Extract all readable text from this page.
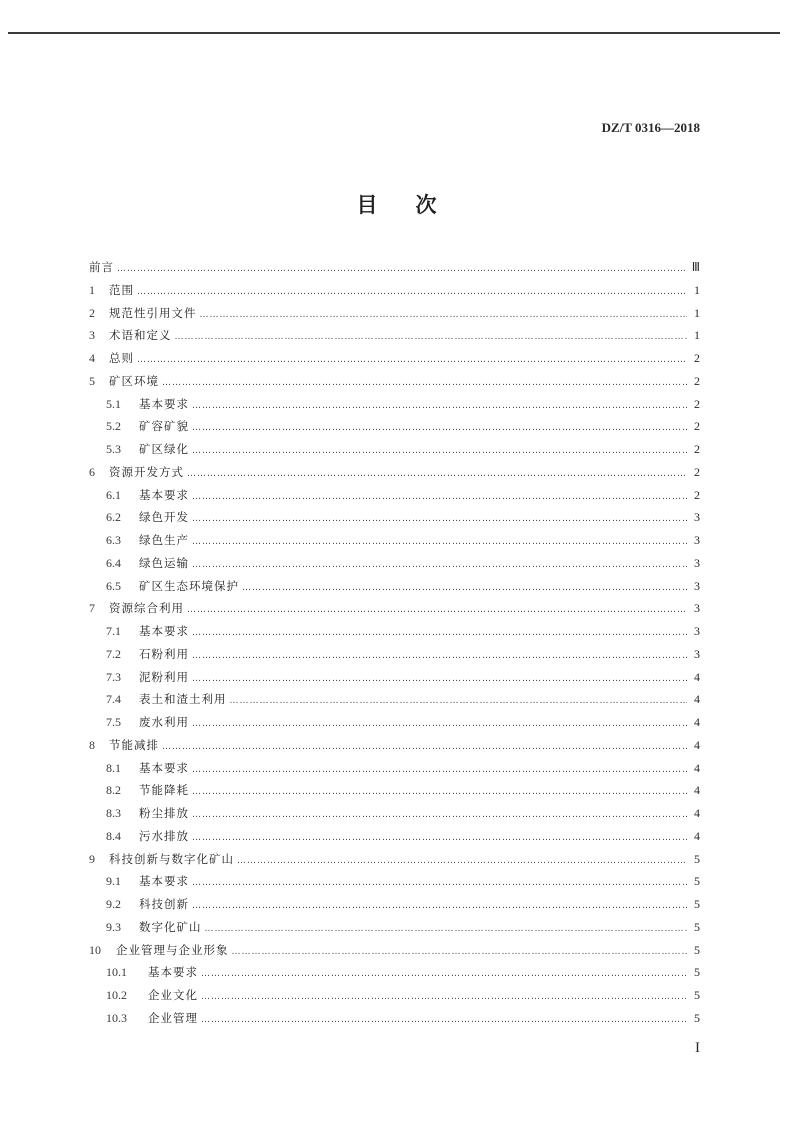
DZ/T 0316—2018
目次
前言 …………………………………………………………………………………………………………………………………………………………………………………………………………	Ⅲ
1	范围 …………………………………………………………………………………………………………………………………………………………………………………………………………	1
2	规范性引用文件 …………………………………………………………………………………………………………………………………………………………………………………………………………	1
3	术语和定义 …………………………………………………………………………………………………………………………………………………………………………………………………………	1
4	总则 …………………………………………………………………………………………………………………………………………………………………………………………………………	2
5	矿区环境 …………………………………………………………………………………………………………………………………………………………………………………………………………	2
5.1	基本要求 …………………………………………………………………………………………………………………………………………………………………………………………………………	2
5.2	矿容矿貌 …………………………………………………………………………………………………………………………………………………………………………………………………………	2
5.3	矿区绿化 …………………………………………………………………………………………………………………………………………………………………………………………………………	2
6	资源开发方式 …………………………………………………………………………………………………………………………………………………………………………………………………………	2
6.1	基本要求 …………………………………………………………………………………………………………………………………………………………………………………………………………	2
6.2	绿色开发 …………………………………………………………………………………………………………………………………………………………………………………………………………	3
6.3	绿色生产 …………………………………………………………………………………………………………………………………………………………………………………………………………	3
6.4	绿色运输 …………………………………………………………………………………………………………………………………………………………………………………………………………	3
6.5	矿区生态环境保护 …………………………………………………………………………………………………………………………………………………………………………………………………………	3
7	资源综合利用 …………………………………………………………………………………………………………………………………………………………………………………………………………	3
7.1	基本要求 …………………………………………………………………………………………………………………………………………………………………………………………………………	3
7.2	石粉利用 …………………………………………………………………………………………………………………………………………………………………………………………………………	3
7.3	泥粉利用 …………………………………………………………………………………………………………………………………………………………………………………………………………	4
7.4	表土和渣土利用 …………………………………………………………………………………………………………………………………………………………………………………………………………	4
7.5	废水利用 …………………………………………………………………………………………………………………………………………………………………………………………………………	4
8	节能减排 …………………………………………………………………………………………………………………………………………………………………………………………………………	4
8.1	基本要求 …………………………………………………………………………………………………………………………………………………………………………………………………………	4
8.2	节能降耗 …………………………………………………………………………………………………………………………………………………………………………………………………………	4
8.3	粉尘排放 …………………………………………………………………………………………………………………………………………………………………………………………………………	4
8.4	污水排放 …………………………………………………………………………………………………………………………………………………………………………………………………………	4
9	科技创新与数字化矿山 …………………………………………………………………………………………………………………………………………………………………………………………………………	5
9.1	基本要求 …………………………………………………………………………………………………………………………………………………………………………………………………………	5
9.2	科技创新 …………………………………………………………………………………………………………………………………………………………………………………………………………	5
9.3	数字化矿山 …………………………………………………………………………………………………………………………………………………………………………………………………………	5
10	企业管理与企业形象 …………………………………………………………………………………………………………………………………………………………………………………………………………	5
10.1	基本要求 …………………………………………………………………………………………………………………………………………………………………………………………………………	5
10.2	企业文化 …………………………………………………………………………………………………………………………………………………………………………………………………………	5
10.3	企业管理 …………………………………………………………………………………………………………………………………………………………………………………………………………	5
I
